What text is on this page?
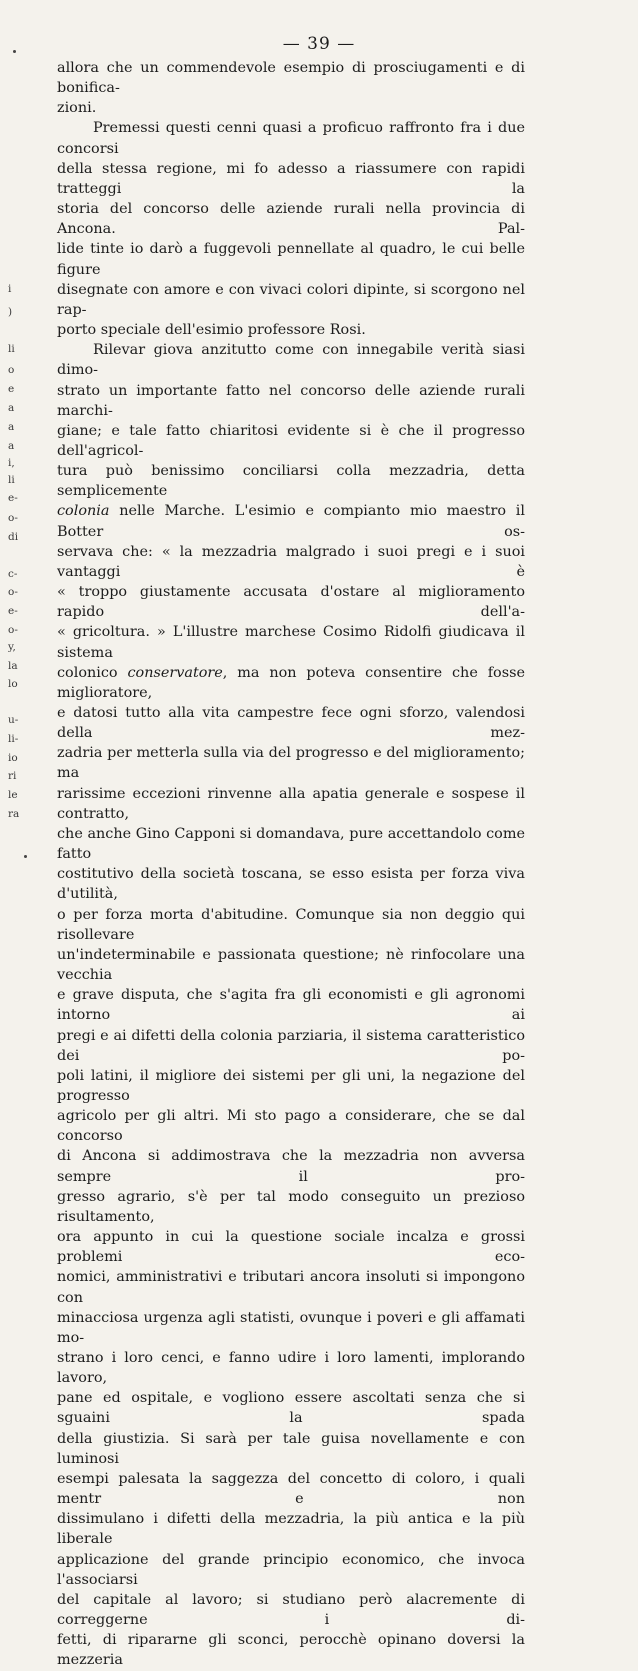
— 39 —
i
)
li
o
e
a
a
a
i,
li
e-
o-
di
c-
o-
e-
o-
y,
la
lo
u-
li-
io
ri
le
ra

allora che un commendevole esempio di prosciugamenti e di bonifica-

zioni.

Premessi questi cenni quasi a proficuo raffronto fra i due concorsi

della stessa regione, mi fo adesso a riassumere con rapidi tratteggi la

storia del concorso delle aziende rurali nella provincia di Ancona. Pal-

lide tinte io darò a fuggevoli pennellate al quadro, le cui belle figure

disegnate con amore e con vivaci colori dipinte, si scorgono nel rap-

porto speciale dell'esimio professore Rosi.

Rilevar giova anzitutto come con innegabile verità siasi dimo-

strato un importante fatto nel concorso delle aziende rurali marchi-

giane; e tale fatto chiaritosi evidente si è che il progresso dell'agricol-

tura può benissimo conciliarsi colla mezzadria, detta semplicemente

colonia nelle Marche. L'esimio e compianto mio maestro il Botter os-

servava che: « la mezzadria malgrado i suoi pregi e i suoi vantaggi è

« troppo giustamente accusata d'ostare al miglioramento rapido dell'a-

« gricoltura. » L'illustre marchese Cosimo Ridolfi giudicava il sistema

colonico conservatore, ma non poteva consentire che fosse miglioratore,

e datosi tutto alla vita campestre fece ogni sforzo, valendosi della mez-

zadria per metterla sulla via del progresso e del miglioramento; ma

rarissime eccezioni rinvenne alla apatia generale e sospese il contratto,

che anche Gino Capponi si domandava, pure accettandolo come fatto

costitutivo della società toscana, se esso esista per forza viva d'utilità,

o per forza morta d'abitudine. Comunque sia non deggio qui risollevare

un'indeterminabile e passionata questione; nè rinfocolare una vecchia

e grave disputa, che s'agita fra gli economisti e gli agronomi intorno ai

pregi e ai difetti della colonia parziaria, il sistema caratteristico dei po-

poli latini, il migliore dei sistemi per gli uni, la negazione del progresso

agricolo per gli altri. Mi sto pago a considerare, che se dal concorso

di Ancona si addimostrava che la mezzadria non avversa sempre il pro-

gresso agrario, s'è per tal modo conseguito un prezioso risultamento,

ora appunto in cui la questione sociale incalza e grossi problemi eco-

nomici, amministrativi e tributari ancora insoluti si impongono con

minacciosa urgenza agli statisti, ovunque i poveri e gli affamati mo-

strano i loro cenci, e fanno udire i loro lamenti, implorando lavoro,

pane ed ospitale, e vogliono essere ascoltati senza che si sguaini la spada

della giustizia. Si sarà per tale guisa novellamente e con luminosi

esempi palesata la saggezza del concetto di coloro, i quali mentr e non

dissimulano i difetti della mezzadria, la più antica e la più liberale

applicazione del grande principio economico, che invoca l'associarsi

del capitale al lavoro; si studiano però alacremente di correggerne i di-

fetti, di ripararne gli sconci, perocchè opinano doversi la mezzeria
